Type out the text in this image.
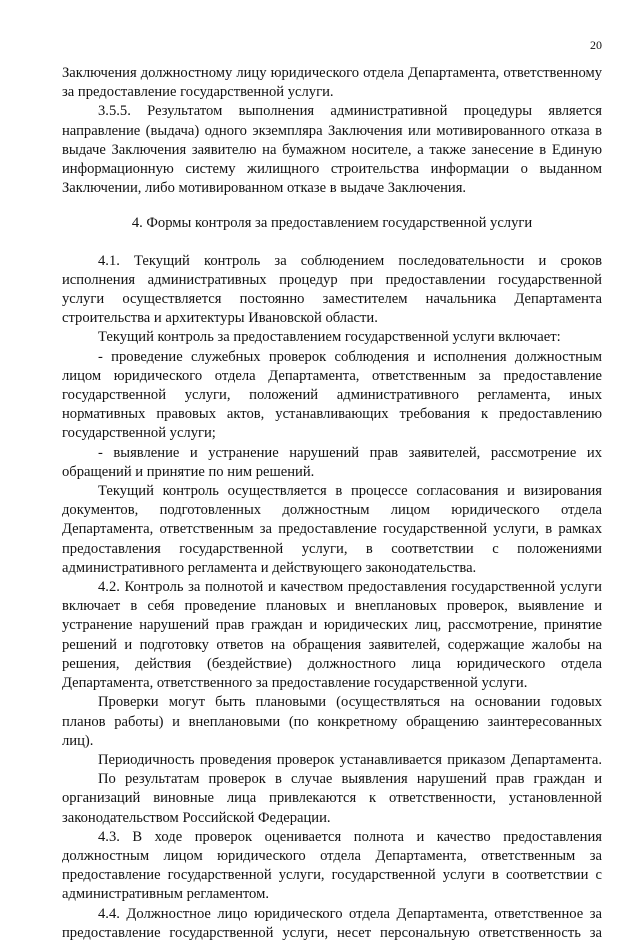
20

Заключения должностному лицу юридического отдела Департамента, ответственному за предоставление государственной услуги.

3.5.5. Результатом выполнения административной процедуры является направление (выдача) одного экземпляра Заключения или мотивированного отказа в выдаче Заключения заявителю на бумажном носителе, а также занесение в Единую информационную систему жилищного строительства информации о выданном Заключении, либо мотивированном отказе в выдаче Заключения.

4. Формы контроля за предоставлением государственной услуги

4.1. Текущий контроль за соблюдением последовательности и сроков исполнения административных процедур при предоставлении государственной услуги осуществляется постоянно заместителем начальника Департамента строительства и архитектуры Ивановской области.

Текущий контроль за предоставлением государственной услуги включает:

- проведение служебных проверок соблюдения и исполнения должностным лицом юридического отдела Департамента, ответственным за предоставление государственной услуги, положений административного регламента, иных нормативных правовых актов, устанавливающих требования к предоставлению государственной услуги;

- выявление и устранение нарушений прав заявителей, рассмотрение их обращений и принятие по ним решений.

Текущий контроль осуществляется в процессе согласования и визирования документов, подготовленных должностным лицом юридического отдела Департамента, ответственным за предоставление государственной услуги, в рамках предоставления государственной услуги, в соответствии с положениями административного регламента и действующего законодательства.

4.2. Контроль за полнотой и качеством предоставления государственной услуги включает в себя проведение плановых и внеплановых проверок, выявление и устранение нарушений прав граждан и юридических лиц, рассмотрение, принятие решений и подготовку ответов на обращения заявителей, содержащие жалобы на решения, действия (бездействие) должностного лица юридического отдела Департамента, ответственного за предоставление государственной услуги.

Проверки могут быть плановыми (осуществляться на основании годовых планов работы) и внеплановыми (по конкретному обращению заинтересованных лиц).

Периодичность проведения проверок устанавливается приказом Департамента.

По результатам проверок в случае выявления нарушений прав граждан и организаций виновные лица привлекаются к ответственности, установленной законодательством Российской Федерации.

4.3. В ходе проверок оценивается полнота и качество предоставления должностным лицом юридического отдела Департамента, ответственным за предоставление государственной услуги, государственной услуги в соответствии с административным регламентом.

4.4. Должностное лицо юридического отдела Департамента, ответственное за предоставление государственной услуги, несет персональную ответственность за
